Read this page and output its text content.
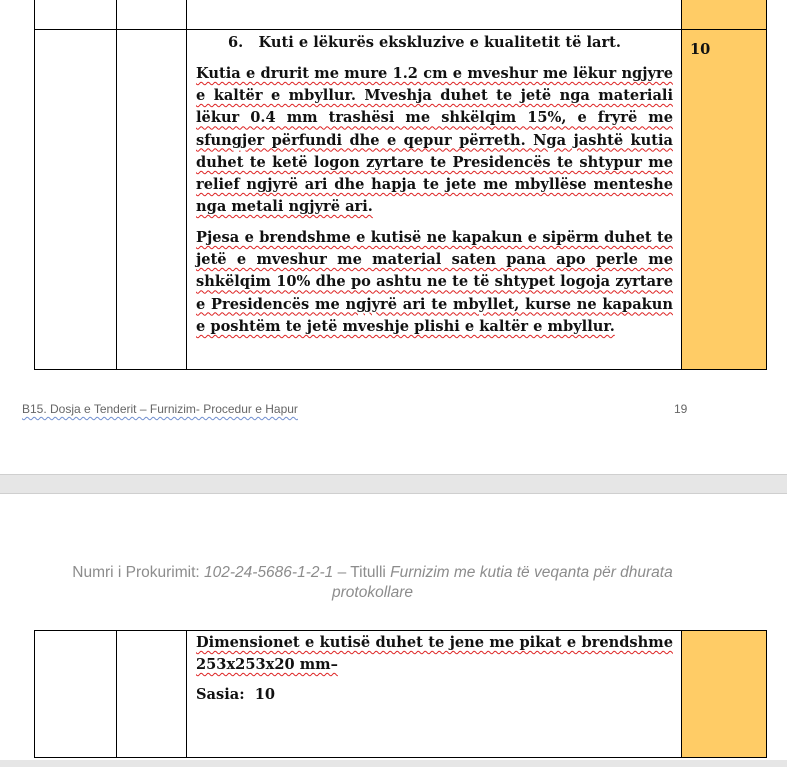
10
6. Kuti e lëkurës ekskluzive e kualitetit të lart.

Kutia e drurit me mure 1.2 cm e mveshur me lëkur ngjyre e kaltër e mbyllur. Mveshja duhet te jetë nga materiali lëkur 0.4 mm trashësi me shkëlqim 15%, e fryrë me sfungjer përfundi dhe e qepur përreth. Nga jashtë kutia duhet te ketë logon zyrtare te Presidencës te shtypur me relief ngjyrë ari dhe hapja te jete me mbyllëse menteshe nga metali ngjyrë ari.

Pjesa e brendshme e kutisë ne kapakun e sipërm duhet te jetë e mveshur me material saten pana apo perle me shkëlqim 10% dhe po ashtu ne te të shtypet logoja zyrtare e Presidencës me ngjyrë ari te mbyllet, kurse ne kapakun e poshtëm te jetë mveshje plishi e kaltër e mbyllur.

B15. Dosja e Tenderit – Furnizim- Procedur e Hapur	19
Numri i Prokurimit: 102-24-5686-1-2-1 – Titulli Furnizim me kutia të veqanta për dhurata protokollare

Dimensionet e kutisë duhet te jene me pikat e brendshme 253x253x20 mm–

Sasia: 10
